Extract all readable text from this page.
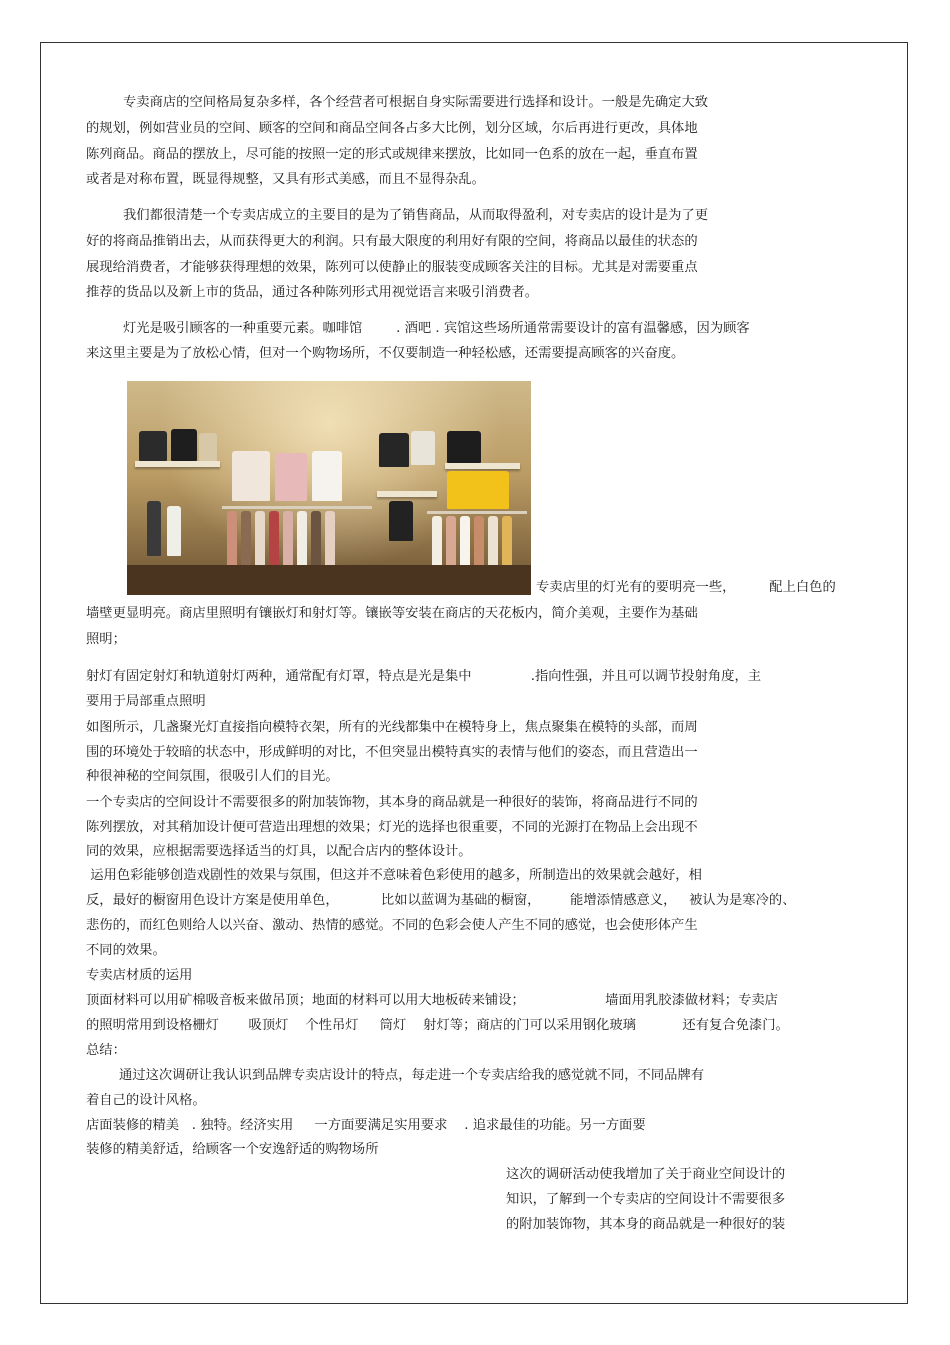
专卖商店的空间格局复杂多样，各个经营者可根据自身实际需要进行选择和设计。一般是先确定大致
的规划，例如营业员的空间、顾客的空间和商品空间各占多大比例，划分区域，尔后再进行更改，具体地
陈列商品。商品的摆放上，尽可能的按照一定的形式或规律来摆放，比如同一色系的放在一起，垂直布置
或者是对称布置，既显得规整，又具有形式美感，而且不显得杂乱。
我们都很清楚一个专卖店成立的主要目的是为了销售商品，从而取得盈利，对专卖店的设计是为了更
好的将商品推销出去，从而获得更大的利润。只有最大限度的利用好有限的空间，将商品以最佳的状态的
展现给消费者，才能够获得理想的效果，陈列可以使静止的服装变成顾客关注的目标。尤其是对需要重点
推荐的货品以及新上市的货品，通过各种陈列形式用视觉语言来吸引消费者。
灯光是吸引顾客的一种重要元素。咖啡馆        . 酒吧 . 宾馆这些场所通常需要设计的富有温馨感，因为顾客
来这里主要是为了放松心情，但对一个购物场所，不仅要制造一种轻松感，还需要提高顾客的兴奋度。
专卖店里的灯光有的要明亮一些，        配上白色的
墙壁更显明亮。商店里照明有镶嵌灯和射灯等。镶嵌等安装在商店的天花板内，简介美观，主要作为基础
照明；
射灯有固定射灯和轨道射灯两种，通常配有灯罩，特点是光是集中              .指向性强，并且可以调节投射角度，主
要用于局部重点照明
如图所示，几盏聚光灯直接指向模特衣架，所有的光线都集中在模特身上，焦点聚集在模特的头部，而周
围的环境处于较暗的状态中，形成鲜明的对比，不但突显出模特真实的表情与他们的姿态，而且营造出一
种很神秘的空间氛围，很吸引人们的目光。
一个专卖店的空间设计不需要很多的附加装饰物，其本身的商品就是一种很好的装饰，将商品进行不同的
陈列摆放，对其稍加设计便可营造出理想的效果；灯光的选择也很重要，不同的光源打在物品上会出现不
同的效果，应根据需要选择适当的灯具，以配合店内的整体设计。
运用色彩能够创造戏剧性的效果与氛围，但这并不意味着色彩使用的越多，所制造出的效果就会越好，相
反，最好的橱窗用色设计方案是使用单色，          比如以蓝调为基础的橱窗，       能增添情感意义，   被认为是寒冷的、
悲伤的，而红色则给人以兴奋、激动、热情的感觉。不同的色彩会使人产生不同的感觉，也会使形体产生
不同的效果。
专卖店材质的运用
顶面材料可以用矿棉吸音板来做吊顶；地面的材料可以用大地板砖来铺设；                   墙面用乳胶漆做材料；专卖店
的照明常用到设格栅灯       吸顶灯    个性吊灯     筒灯    射灯等；商店的门可以采用钢化玻璃           还有复合免漆门。
总结：
通过这次调研让我认识到品牌专卖店设计的特点，每走进一个专卖店给我的感觉就不同，不同品牌有
着自己的设计风格。
店面装修的精美   . 独特。经济实用     一方面要满足实用要求    . 追求最佳的功能。另一方面要
装修的精美舒适，给顾客一个安逸舒适的购物场所
这次的调研活动使我增加了关于商业空间设计的
知识，了解到一个专卖店的空间设计不需要很多
的附加装饰物，其本身的商品就是一种很好的装
